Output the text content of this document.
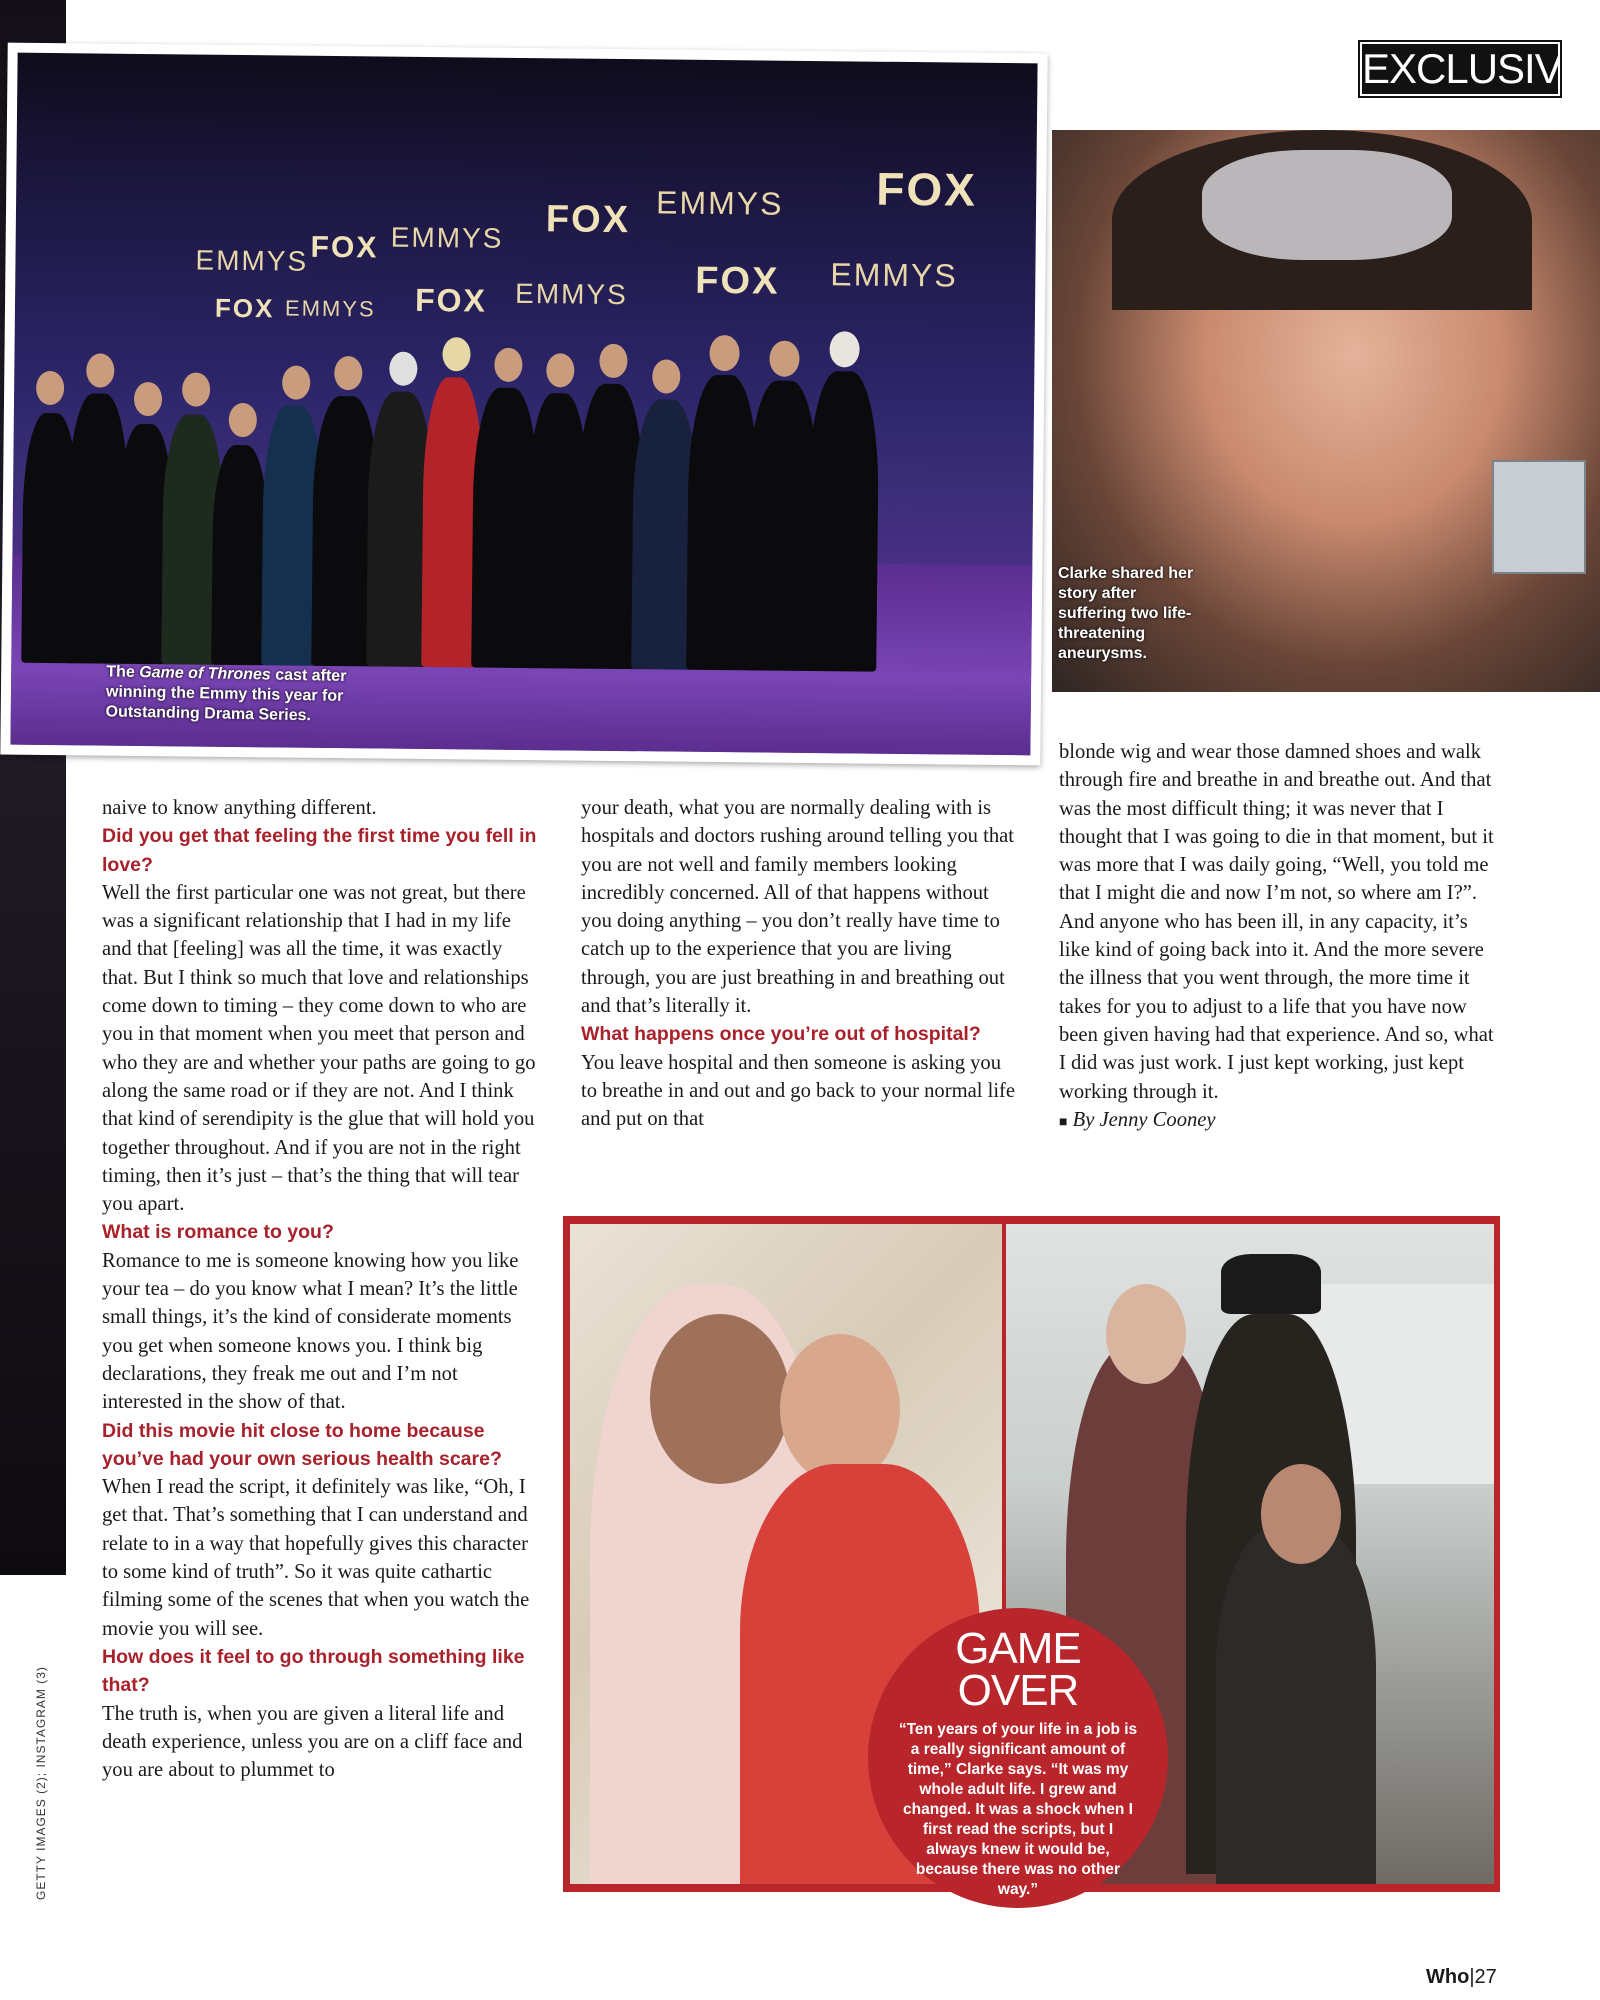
EXCLUSIVE
EMMYS FOX EMMYS FOX EMMYS FOX
FOX EMMYS FOX EMMYS FOX EMMYS
The Game of Thrones cast after winning the Emmy this year for Outstanding Drama Series.
Clarke shared her story after suffering two life-threatening aneurysms.

naive to know anything different.

Did you get that feeling the first time you fell in love?

Well the first particular one was not great, but there was a significant relationship that I had in my life and that [feeling] was all the time, it was exactly that. But I think so much that love and relationships come down to timing – they come down to who are you in that moment when you meet that person and who they are and whether your paths are going to go along the same road or if they are not. And I think that kind of serendipity is the glue that will hold you together throughout. And if you are not in the right timing, then it’s just – that’s the thing that will tear you apart.

What is romance to you?

Romance to me is someone knowing how you like your tea – do you know what I mean? It’s the little small things, it’s the kind of considerate moments you get when someone knows you. I think big declarations, they freak me out and I’m not interested in the show of that.

Did this movie hit close to home because you’ve had your own serious health scare?

When I read the script, it definitely was like, “Oh, I get that. That’s something that I can understand and relate to in a way that hopefully gives this character to some kind of truth”. So it was quite cathartic filming some of the scenes that when you watch the movie you will see.

How does it feel to go through something like that?

The truth is, when you are given a literal life and death experience, unless you are on a cliff face and you are about to plummet to

your death, what you are normally dealing with is hospitals and doctors rushing around telling you that you are not well and family members looking incredibly concerned. All of that happens without you doing anything – you don’t really have time to catch up to the experience that you are living through, you are just breathing in and breathing out and that’s literally it.

What happens once you’re out of hospital?

You leave hospital and then someone is asking you to breathe in and out and go back to your normal life and put on that

blonde wig and wear those damned shoes and walk through fire and breathe in and breathe out. And that was the most difficult thing; it was never that I thought that I was going to die in that moment, but it was more that I was daily going, “Well, you told me that I might die and now I’m not, so where am I?”. And anyone who has been ill, in any capacity, it’s like kind of going back into it. And the more severe the illness that you went through, the more time it takes for you to adjust to a life that you have now been given having had that experience. And so, what I did was just work. I just kept working, just kept working through it.

■ By Jenny Cooney

GAME
OVER
“Ten years of your life in a job is a really significant amount of time,” Clarke says. “It was my whole adult life. I grew and changed. It was a shock when I first read the scripts, but I always knew it would be, because there was no other way.”
GETTY IMAGES (2); INSTAGRAM (3)
Who|27
